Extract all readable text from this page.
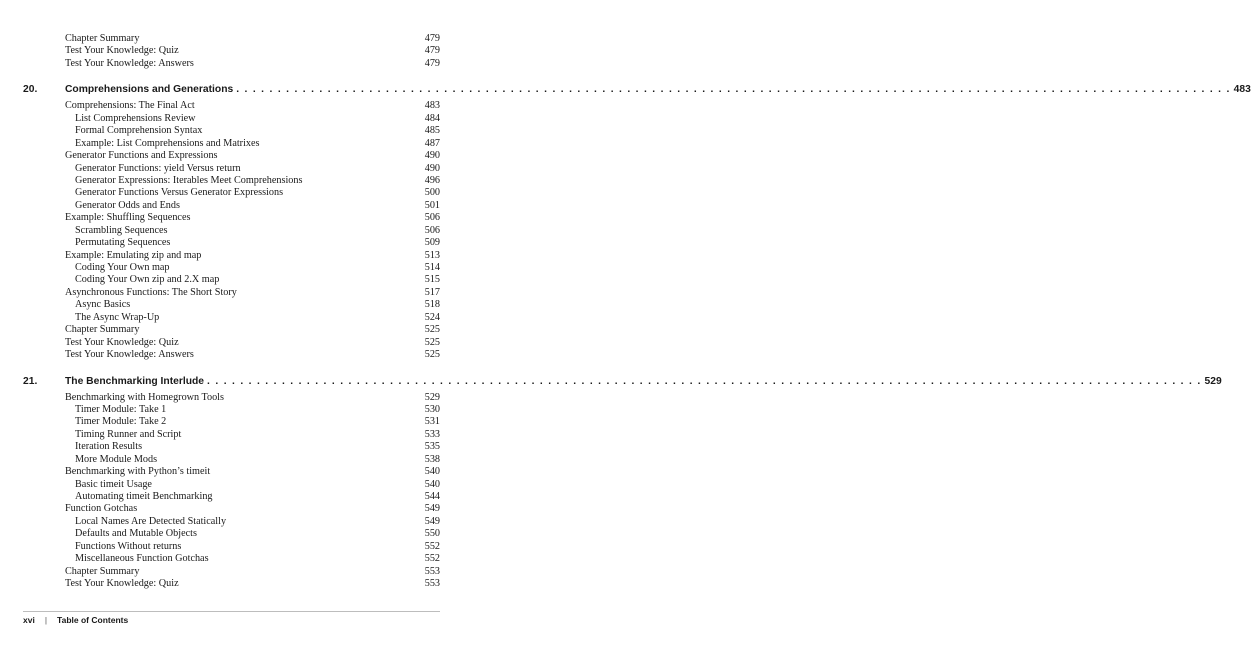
Chapter Summary	479
Test Your Knowledge: Quiz	479
Test Your Knowledge: Answers	479
20.	Comprehensions and Generations . . . . . . . . . . . . . . . . . . . . . . . . . . . . . . . . . . . . . . . . . . . . . . . . . . . . . . . . . . . . . . . . . . . . . . . . . . . . . . . . . . . . . . . . . . . . . . . . . . . . . . . . . . . . . . . . . . . . . . . . 483
Comprehensions: The Final Act	483
List Comprehensions Review	484
Formal Comprehension Syntax	485
Example: List Comprehensions and Matrixes	487
Generator Functions and Expressions	490
Generator Functions: yield Versus return	490
Generator Expressions: Iterables Meet Comprehensions	496
Generator Functions Versus Generator Expressions	500
Generator Odds and Ends	501
Example: Shuffling Sequences	506
Scrambling Sequences	506
Permutating Sequences	509
Example: Emulating zip and map	513
Coding Your Own map	514
Coding Your Own zip and 2.X map	515
Asynchronous Functions: The Short Story	517
Async Basics	518
The Async Wrap-Up	524
Chapter Summary	525
Test Your Knowledge: Quiz	525
Test Your Knowledge: Answers	525
21.	The Benchmarking Interlude . . . . . . . . . . . . . . . . . . . . . . . . . . . . . . . . . . . . . . . . . . . . . . . . . . . . . . . . . . . . . . . . . . . . . . . . . . . . . . . . . . . . . . . . . . . . . . . . . . . . . . . . . . . . . . . . . . . . . . . . 529
Benchmarking with Homegrown Tools	529
Timer Module: Take 1	530
Timer Module: Take 2	531
Timing Runner and Script	533
Iteration Results	535
More Module Mods	538
Benchmarking with Python’s timeit	540
Basic timeit Usage	540
Automating timeit Benchmarking	544
Function Gotchas	549
Local Names Are Detected Statically	549
Defaults and Mutable Objects	550
Functions Without returns	552
Miscellaneous Function Gotchas	552
Chapter Summary	553
Test Your Knowledge: Quiz	553
xvi | Table of Contents
